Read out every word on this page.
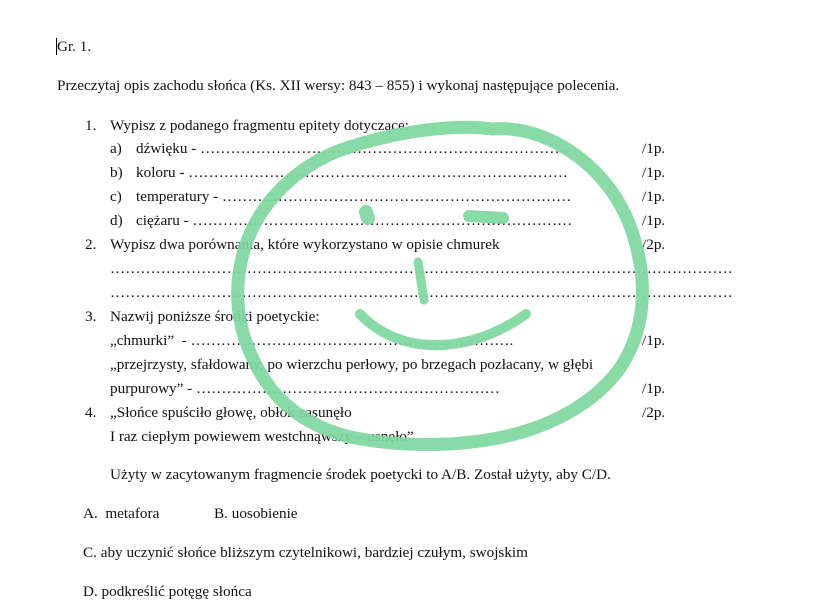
Gr. 1.
Przeczytaj opis zachodu słońca (Ks. XII wersy: 843 – 855) i wykonaj następujące polecenia.
1. Wypisz z podanego fragmentu epitety dotyczące:
a) dźwięku - ……………………………………………………………….	/1p.
b) koloru - …………………………………………………………………	/1p.
c) temperatury - ……………………………………………………………	/1p.
d) ciężaru - …………………………………………………………………	/1p.
2. Wypisz dwa porównania, które wykorzystano w opisie chmurek	/2p.
……………………………………………………………………………………………………………
……………………………………………………………………………………………………………
3. Nazwij poniższe środki poetyckie:
„chmurki”  - ……………………………………………………….	/1p.
„przejrzysty, sfałdowany, po wierzchu perłowy, po brzegach pozłacany, w głębi
purpurowy” - ……………………………………………………	/1p.
4. „Słońce spuściło głowę, obłok zasunęło	/2p.
I raz ciepłym powiewem westchnąwszy – usnęło”
Użyty w zacytowanym fragmencie środek poetycki to A/B. Został użyty, aby C/D.
A.  metafora	B. uosobienie
C. aby uczynić słońce bliższym czytelnikowi, bardziej czułym, swojskim
D. podkreślić potęgę słońca
